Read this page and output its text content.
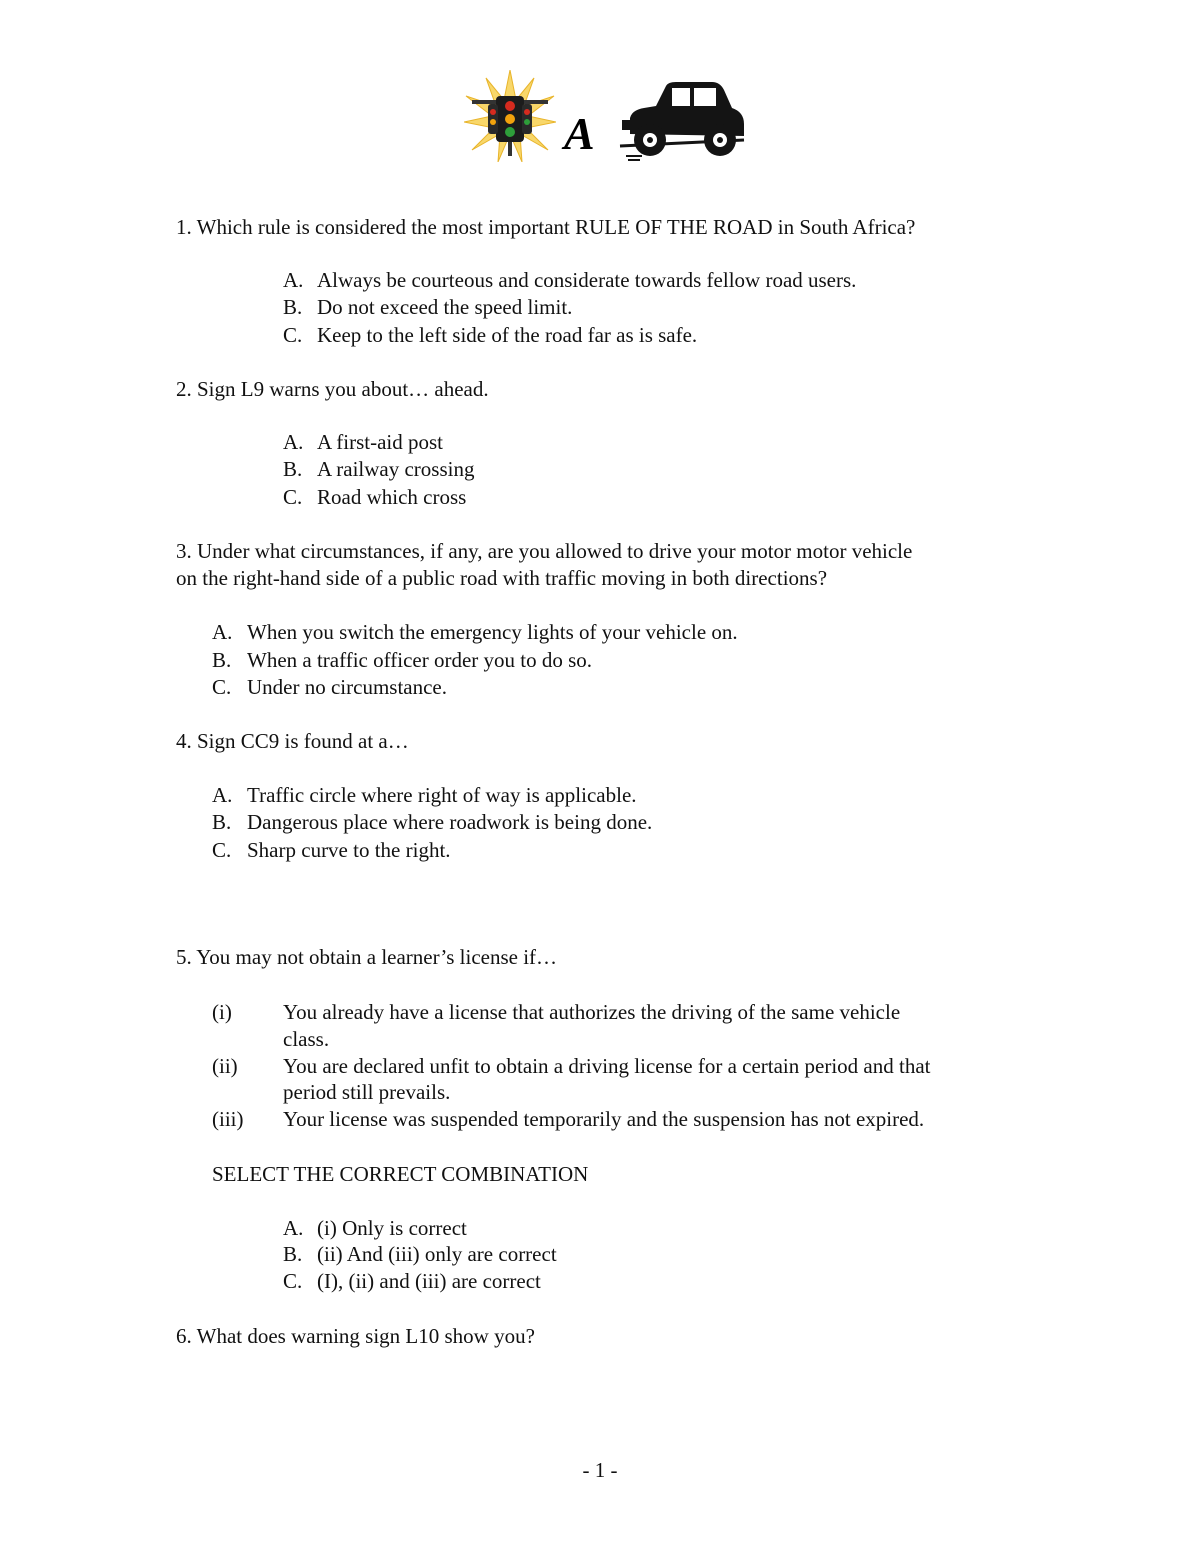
A
1. Which rule is considered the most important RULE OF THE ROAD in South Africa?
A. Always be courteous and considerate towards fellow road users.
B. Do not exceed the speed limit.
C. Keep to the left side of the road far as is safe.
2. Sign L9 warns you about… ahead.
A. A first-aid post
B. A railway crossing
C. Road which cross
3. Under what circumstances, if any, are you allowed to drive your motor motor vehicle
on the right-hand side of a public road with traffic moving in both directions?
A. When you switch the emergency lights of your vehicle on.
B. When a traffic officer order you to do so.
C. Under no circumstance.
4. Sign CC9 is found at a…
A. Traffic circle where right of way is applicable.
B. Dangerous place where roadwork is being done.
C. Sharp curve to the right.
5. You may not obtain a learner’s license if…
(i) You already have a license that authorizes the driving of the same vehicle
class.
(ii) You are declared unfit to obtain a driving license for a certain period and that
period still prevails.
(iii) Your license was suspended temporarily and the suspension has not expired.
SELECT THE CORRECT COMBINATION
A. (i) Only is correct
B. (ii) And (iii) only are correct
C. (I), (ii) and (iii) are correct
6. What does warning sign L10 show you?
- 1 -
